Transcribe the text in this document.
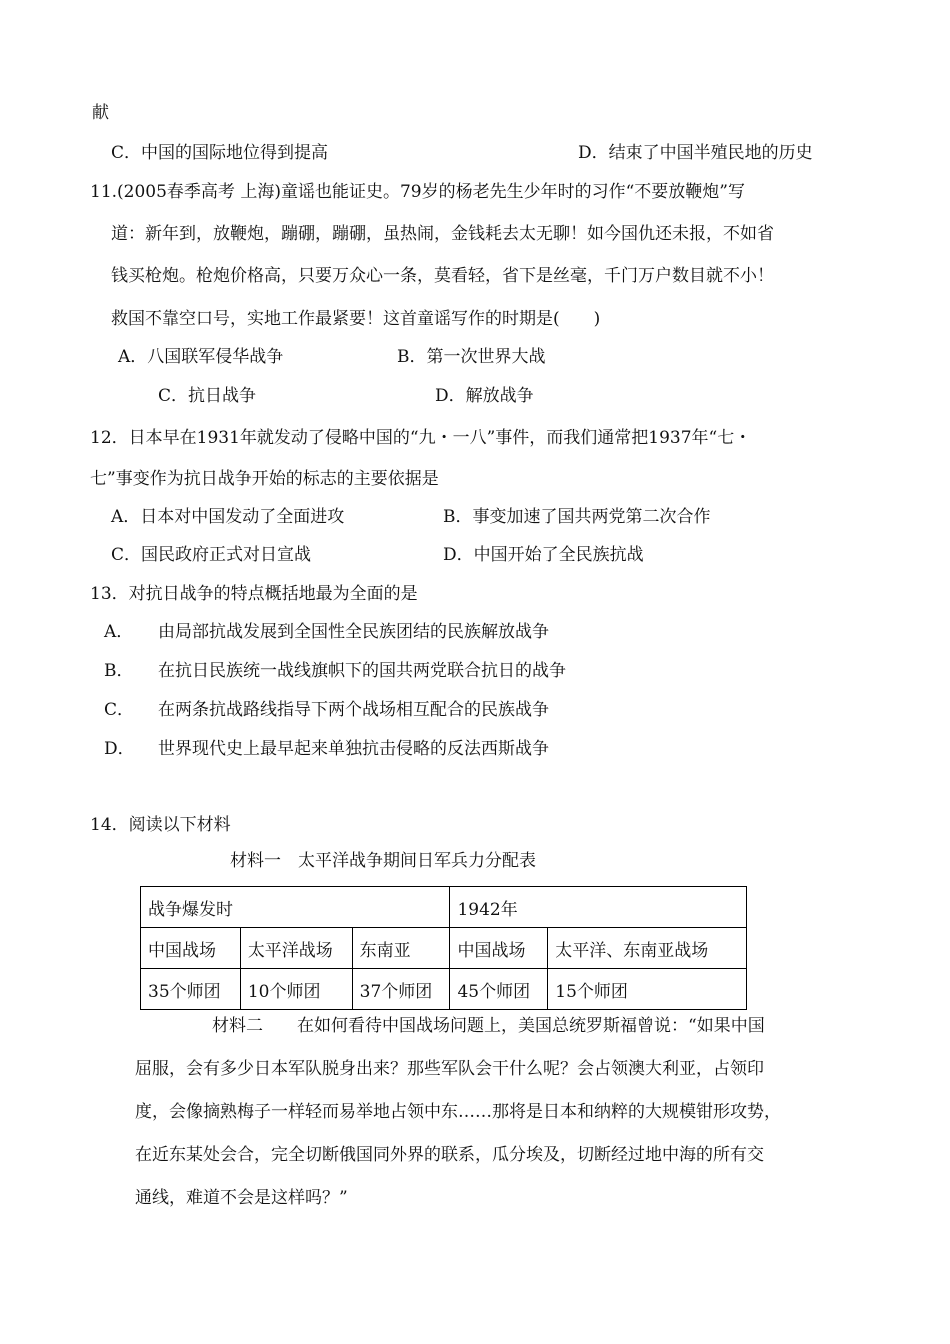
献
C．中国的国际地位得到提高	D．结束了中国半殖民地的历史
11.(2005春季高考 上海)童谣也能证史。79岁的杨老先生少年时的习作“不要放鞭炮”写
道：新年到，放鞭炮，蹦硼，蹦硼，虽热闹，金钱耗去太无聊！如今国仇还未报，不如省
钱买枪炮。枪炮价格高，只要万众心一条，莫看轻，省下是丝毫，千门万户数目就不小！
救国不靠空口号，实地工作最紧要！这首童谣写作的时期是(　　)
A．八国联军侵华战争	B．第一次世界大战
C．抗日战争	D．解放战争
12．日本早在1931年就发动了侵略中国的“九・一八”事件，而我们通常把1937年“七・
七”事变作为抗日战争开始的标志的主要依据是
A．日本对中国发动了全面进攻	B．事变加速了国共两党第二次合作
C．国民政府正式对日宣战	D．中国开始了全民族抗战
13．对抗日战争的特点概括地最为全面的是
A． 由局部抗战发展到全国性全民族团结的民族解放战争
B． 在抗日民族统一战线旗帜下的国共两党联合抗日的战争
C． 在两条抗战路线指导下两个战场相互配合的民族战争
D． 世界现代史上最早起来单独抗击侵略的反法西斯战争
14．阅读以下材料
材料一　太平洋战争期间日军兵力分配表
战争爆发时			1942年	
中国战场	太平洋战场	东南亚	中国战场	太平洋、东南亚战场
35个师团	10个师团	37个师团	45个师团	15个师团
材料二　　在如何看待中国战场问题上，美国总统罗斯福曾说：“如果中国
屈服，会有多少日本军队脱身出来？那些军队会干什么呢？会占领澳大利亚，占领印
度，会像摘熟梅子一样轻而易举地占领中东……那将是日本和纳粹的大规模钳形攻势，
在近东某处会合，完全切断俄国同外界的联系，瓜分埃及，切断经过地中海的所有交
通线，难道不会是这样吗？”
